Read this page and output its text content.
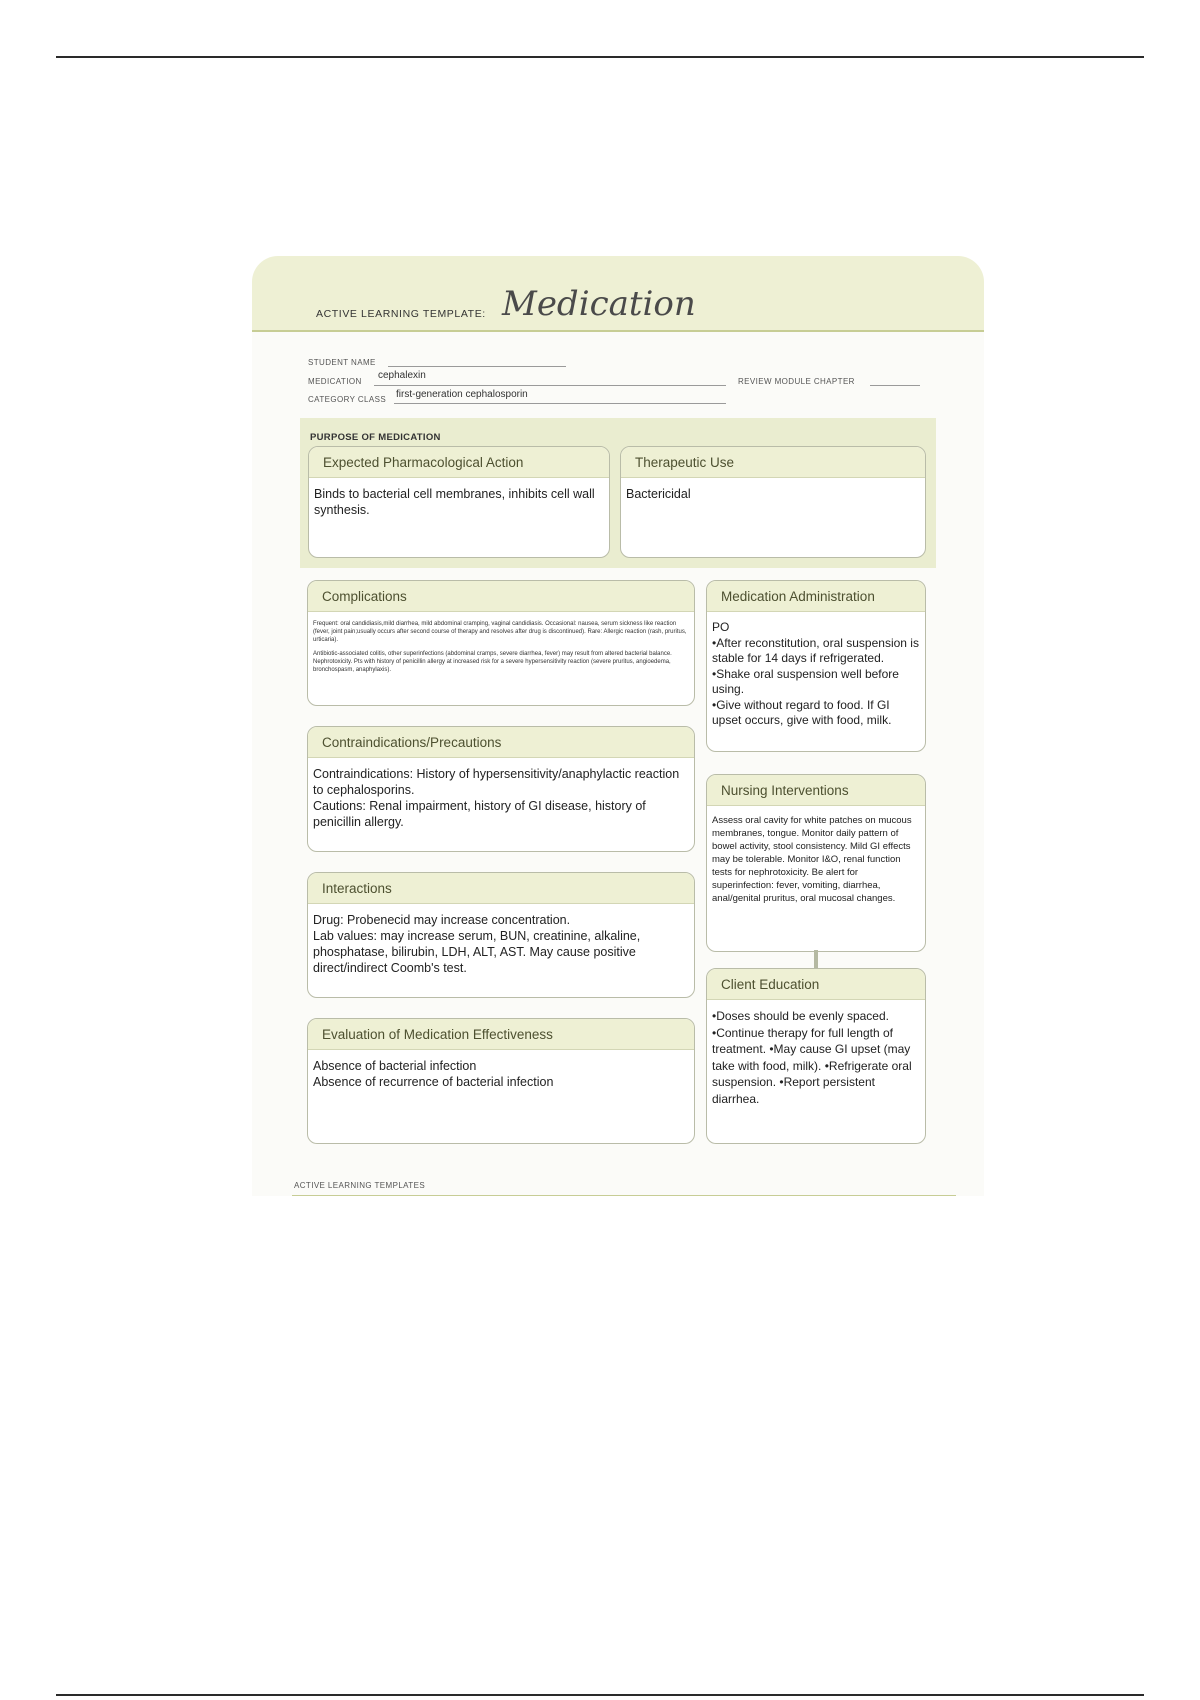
ACTIVE LEARNING TEMPLATE: Medication
STUDENT NAME
MEDICATION
cephalexin
REVIEW MODULE CHAPTER
CATEGORY CLASS first-generation cephalosporin
PURPOSE OF MEDICATION
Expected Pharmacological Action
Binds to bacterial cell membranes, inhibits cell wall synthesis.
Therapeutic Use
Bactericidal
Complications

Frequent: oral candidiasis,mild diarrhea, mild abdominal cramping, vaginal candidiasis. Occasional: nausea, serum sickness like reaction (fever, joint pain;usually occurs after second course of therapy and resolves after drug is discontinued). Rare: Allergic reaction (rash, pruritus, urticaria).

Antibiotic-associated colitis, other superinfections (abdominal cramps, severe diarrhea, fever) may result from altered bacterial balance. Nephrotoxicity. Pts with history of penicillin allergy at increased risk for a severe hypersensitivity reaction (severe pruritus, angioedema, bronchospasm, anaphylaxis).

Contraindications/Precautions

Contraindications: History of hypersensitivity/anaphylactic reaction to cephalosporins.

Cautions: Renal impairment, history of GI disease, history of penicillin allergy.

Interactions

Drug: Probenecid may increase concentration.

Lab values: may increase serum, BUN, creatinine, alkaline, phosphatase, bilirubin, LDH, ALT, AST. May cause positive direct/indirect Coomb's test.

Evaluation of Medication Effectiveness

Absence of bacterial infection

Absence of recurrence of bacterial infection

Medication Administration

PO

•After reconstitution, oral suspension is stable for 14 days if refrigerated. •Shake oral suspension well before using.

•Give without regard to food. If GI upset occurs, give with food, milk.

Nursing Interventions
Assess oral cavity for white patches on mucous membranes, tongue. Monitor daily pattern of bowel activity, stool consistency. Mild GI effects may be tolerable. Monitor I&O, renal function tests for nephrotoxicity. Be alert for superinfection: fever, vomiting, diarrhea, anal/genital pruritus, oral mucosal changes.
Client Education
•Doses should be evenly spaced. •Continue therapy for full length of treatment. •May cause GI upset (may take with food, milk). •Refrigerate oral suspension. •Report persistent diarrhea.
ACTIVE LEARNING TEMPLATES
